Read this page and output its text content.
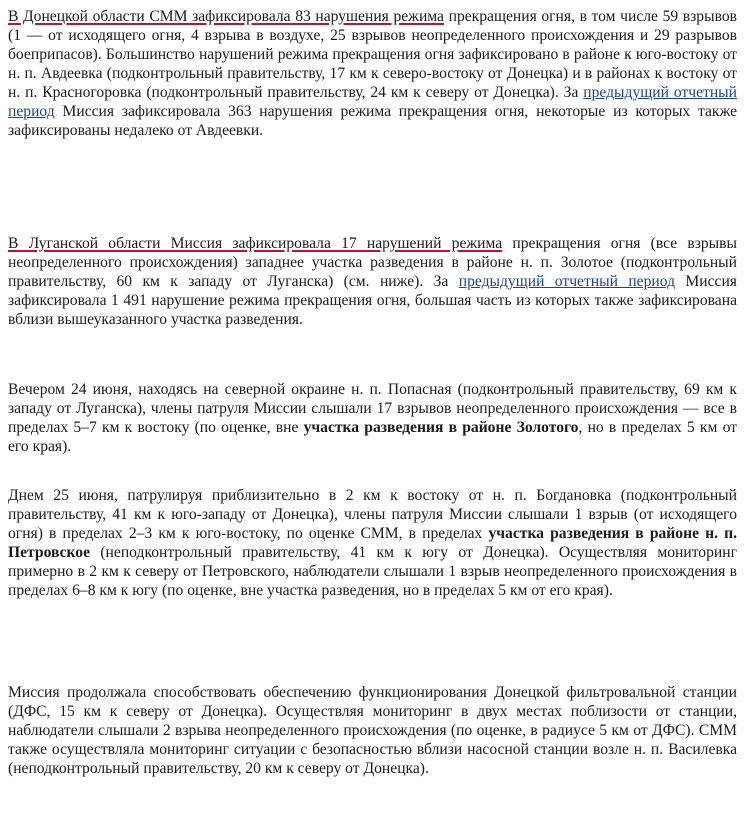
В Донецкой области СММ зафиксировала 83 нарушения режима прекращения огня, в том числе 59 взрывов (1 — от исходящего огня, 4 взрыва в воздухе, 25 взрывов неопределенного происхождения и 29 разрывов боеприпасов). Большинство нарушений режима прекращения огня зафиксировано в районе к юго-востоку от н. п. Авдеевка (подконтрольный правительству, 17 км к северо-востоку от Донецка) и в районах к востоку от н. п. Красногоровка (подконтрольный правительству, 24 км к северу от Донецка). За предыдущий отчетный период Миссия зафиксировала 363 нарушения режима прекращения огня, некоторые из которых также зафиксированы недалеко от Авдеевки.

В Луганской области Миссия зафиксировала 17 нарушений режима прекращения огня (все взрывы неопределенного происхождения) западнее участка разведения в районе н. п. Золотое (подконтрольный правительству, 60 км к западу от Луганска) (см. ниже). За предыдущий отчетный период Миссия зафиксировала 1 491 нарушение режима прекращения огня, большая часть из которых также зафиксирована вблизи вышеуказанного участка разведения.

Вечером 24 июня, находясь на северной окраине н. п. Попасная (подконтрольный правительству, 69 км к западу от Луганска), члены патруля Миссии слышали 17 взрывов неопределенного происхождения — все в пределах 5–7 км к востоку (по оценке, вне участка разведения в районе Золотого, но в пределах 5 км от его края).

Днем 25 июня, патрулируя приблизительно в 2 км к востоку от н. п. Богдановка (подконтрольный правительству, 41 км к юго-западу от Донецка), члены патруля Миссии слышали 1 взрыв (от исходящего огня) в пределах 2–3 км к юго-востоку, по оценке СММ, в пределах участка разведения в районе н. п. Петровское (неподконтрольный правительству, 41 км к югу от Донецка). Осуществляя мониторинг примерно в 2 км к северу от Петровского, наблюдатели слышали 1 взрыв неопределенного происхождения в пределах 6–8 км к югу (по оценке, вне участка разведения, но в пределах 5 км от его края).

Миссия продолжала способствовать обеспечению функционирования Донецкой фильтровальной станции (ДФС, 15 км к северу от Донецка). Осуществляя мониторинг в двух местах поблизости от станции, наблюдатели слышали 2 взрыва неопределенного происхождения (по оценке, в радиусе 5 км от ДФС). СММ также осуществляла мониторинг ситуации с безопасностью вблизи насосной станции возле н. п. Василевка (неподконтрольный правительству, 20 км к северу от Донецка).
